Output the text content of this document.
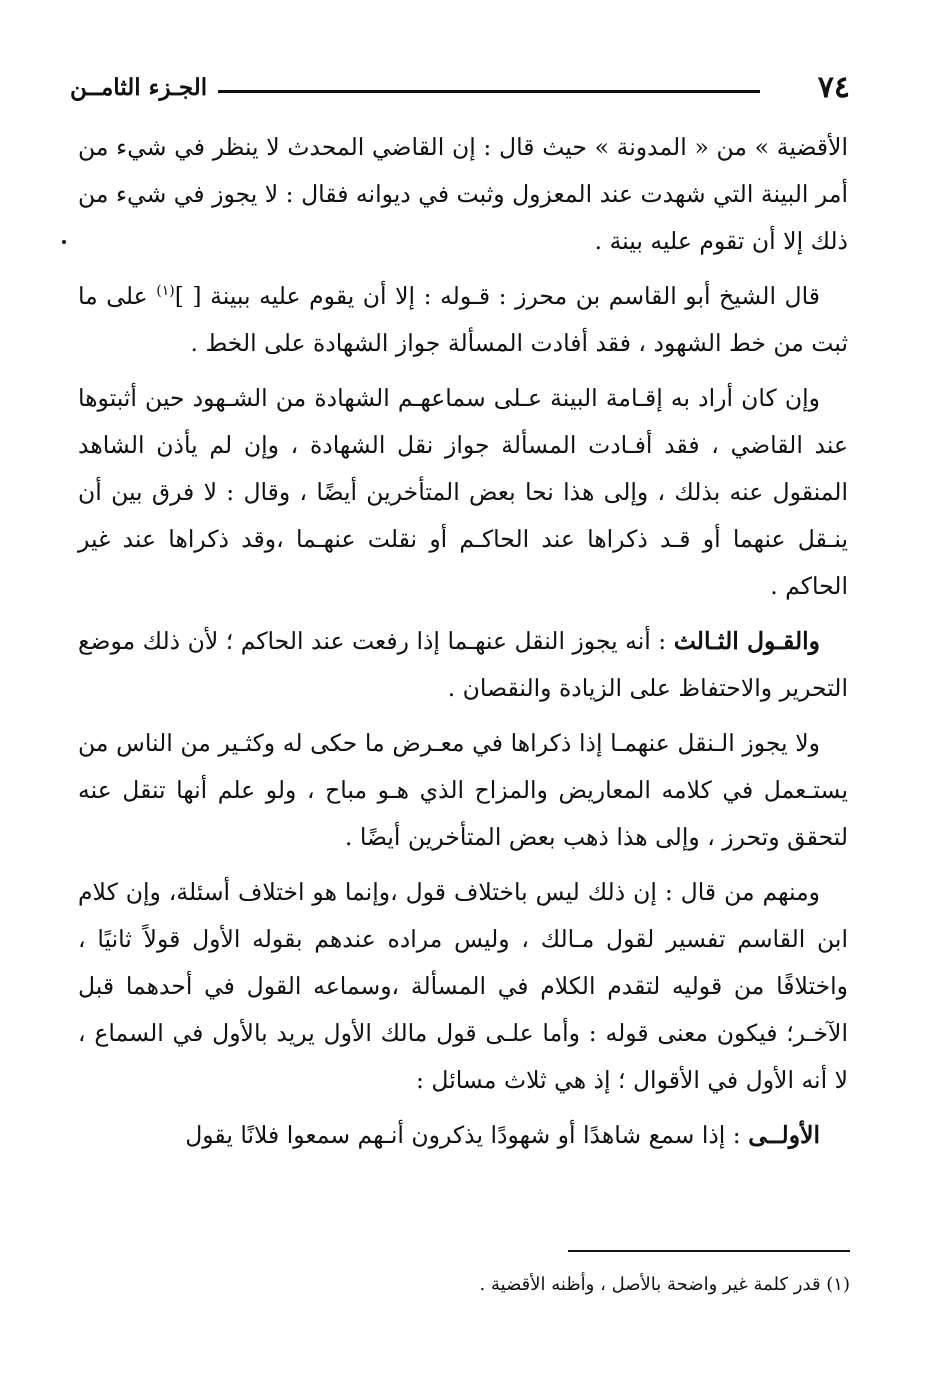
٧٤
الجـزء الثامــن

الأقضية » من « المدونة » حيث قال : إن القاضي المحدث لا ينظر في شيء من أمر البينة التي شهدت عند المعزول وثبت في ديوانه فقال : لا يجوز في شيء من ذلك إلا أن تقوم عليه بينة .

قال الشيخ أبو القاسم بن محرز : قـوله : إلا أن يقوم عليه ببينة [ ]$^{(١)}$ على ما ثبت من خط الشهود ، فقد أفادت المسألة جواز الشهادة على الخط .

وإن كان أراد به إقـامة البينة عـلى سماعهـم الشهادة من الشـهود حين أثبتوها عند القاضي ، فقد أفـادت المسألة جواز نقل الشهادة ، وإن لم يأذن الشاهد المنقول عنه بذلك ، وإلى هذا نحا بعض المتأخرين أيضًا ، وقال : لا فرق بين أن ينـقل عنهما أو قـد ذكراها عند الحاكـم أو نقلت عنهـما ،وقد ذكراها عند غير الحاكم .

والقـول الثـالث : أنه يجوز النقل عنهـما إذا رفعت عند الحاكم ؛ لأن ذلك موضع التحرير والاحتفاظ على الزيادة والنقصان .

ولا يجوز الـنقل عنهمـا إذا ذكراها في معـرض ما حكى له وكثـير من الناس من يستـعمل في كلامه المعاريض والمزاح الذي هـو مباح ، ولو علم أنها تنقل عنه لتحقق وتحرز ، وإلى هذا ذهب بعض المتأخرين أيضًا .

ومنهم من قال : إن ذلك ليس باختلاف قول ،وإنما هو اختلاف أسئلة، وإن كلام ابن القاسم تفسير لقول مـالك ، وليس مراده عندهم بقوله الأول قولاً ثانيًا ، واختلافًا من قوليه لتقدم الكلام في المسألة ،وسماعه القول في أحدهما قبل الآخـر؛ فيكون معنى قوله : وأما علـى قول مالك الأول يريد بالأول في السماع ، لا أنه الأول في الأقوال ؛ إذ هي ثلاث مسائل :

الأولــى : إذا سمع شاهدًا أو شهودًا يذكرون أنـهم سمعوا فلانًا يقول

(١) قدر كلمة غير واضحة بالأصل ، وأظنه الأقضية .
